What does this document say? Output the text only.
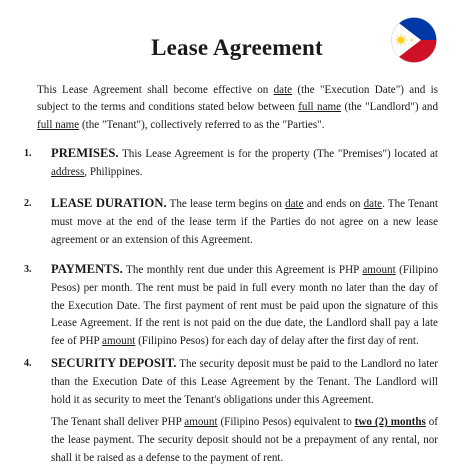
Lease Agreement

This Lease Agreement shall become effective on date (the "Execution Date") and is subject to the terms and conditions stated below between full name (the "Landlord") and full name (the "Tenant"), collectively referred to as the "Parties".

1. PREMISES. This Lease Agreement is for the property (The "Premises") located at address, Philippines.

2. LEASE DURATION. The lease term begins on date and ends on date. The Tenant must move at the end of the lease term if the Parties do not agree on a new lease agreement or an extension of this Agreement.

3. PAYMENTS. The monthly rent due under this Agreement is PHP amount (Filipino Pesos) per month. The rent must be paid in full every month no later than the day of the Execution Date. The first payment of rent must be paid upon the signature of this Lease Agreement. If the rent is not paid on the due date, the Landlord shall pay a late fee of PHP amount (Filipino Pesos) for each day of delay after the first day of rent.

4. SECURITY DEPOSIT. The security deposit must be paid to the Landlord no later than the Execution Date of this Lease Agreement by the Tenant. The Landlord will hold it as security to meet the Tenant's obligations under this Agreement.

The Tenant shall deliver PHP amount (Filipino Pesos) equivalent to two (2) months of the lease payment. The security deposit should not be a prepayment of any rental, nor shall it be raised as a defense to the payment of rent.
